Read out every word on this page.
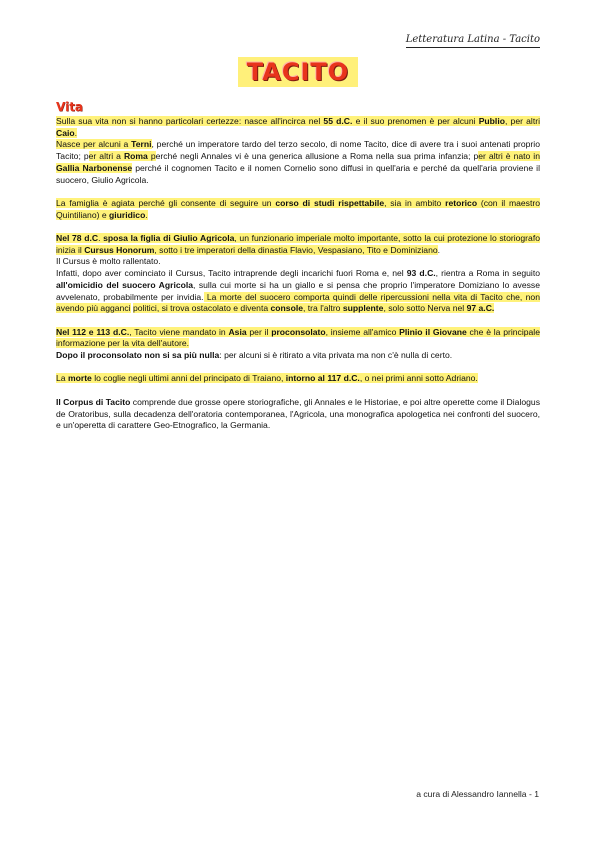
Letteratura Latina - Tacito
TACITO
Vita

Sulla sua vita non si hanno particolari certezze: nasce all'incirca nel 55 d.C. e il suo prenomen è per alcuni Publio, per altri Caio.

Nasce per alcuni a Terni, perché un imperatore tardo del terzo secolo, di nome Tacito, dice di avere tra i suoi antenati proprio Tacito; per altri a Roma perché negli Annales vi è una generica allusione a Roma nella sua prima infanzia; per altri è nato in Gallia Narbonense perché il cognomen Tacito e il nomen Cornelio sono diffusi in quell'aria e perché da quell'aria proviene il suocero, Giulio Agricola.

La famiglia è agiata perché gli consente di seguire un corso di studi rispettabile, sia in ambito retorico (con il maestro Quintiliano) e giuridico.

Nel 78 d.C. sposa la figlia di Giulio Agricola, un funzionario imperiale molto importante, sotto la cui protezione lo storiografo inizia il Cursus Honorum, sotto i tre imperatori della dinastia Flavio, Vespasiano, Tito e Dominiziano.

Il Cursus è molto rallentato.

Infatti, dopo aver cominciato il Cursus, Tacito intraprende degli incarichi fuori Roma e, nel 93 d.C., rientra a Roma in seguito all'omicidio del suocero Agricola, sulla cui morte si ha un giallo e si pensa che proprio l'imperatore Domiziano lo avesse avvelenato, probabilmente per invidia. La morte del suocero comporta quindi delle ripercussioni nella vita di Tacito che, non avendo più agganci politici, si trova ostacolato e diventa console, tra l'altro supplente, solo sotto Nerva nel 97 a.C.

Nel 112 e 113 d.C., Tacito viene mandato in Asia per il proconsolato, insieme all'amico Plinio il Giovane che è la principale informazione per la vita dell'autore.

Dopo il proconsolato non si sa più nulla: per alcuni si è ritirato a vita privata ma non c'è nulla di certo.

La morte lo coglie negli ultimi anni del principato di Traiano, intorno al 117 d.C., o nei primi anni sotto Adriano.

Il Corpus di Tacito comprende due grosse opere storiografiche, gli Annales e le Historiae, e poi altre operette come il Dialogus de Oratoribus, sulla decadenza dell'oratoria contemporanea, l'Agricola, una monografica apologetica nei confronti del suocero, e un'operetta di carattere Geo-Etnografico, la Germania.

a cura di Alessandro Iannella - 1
